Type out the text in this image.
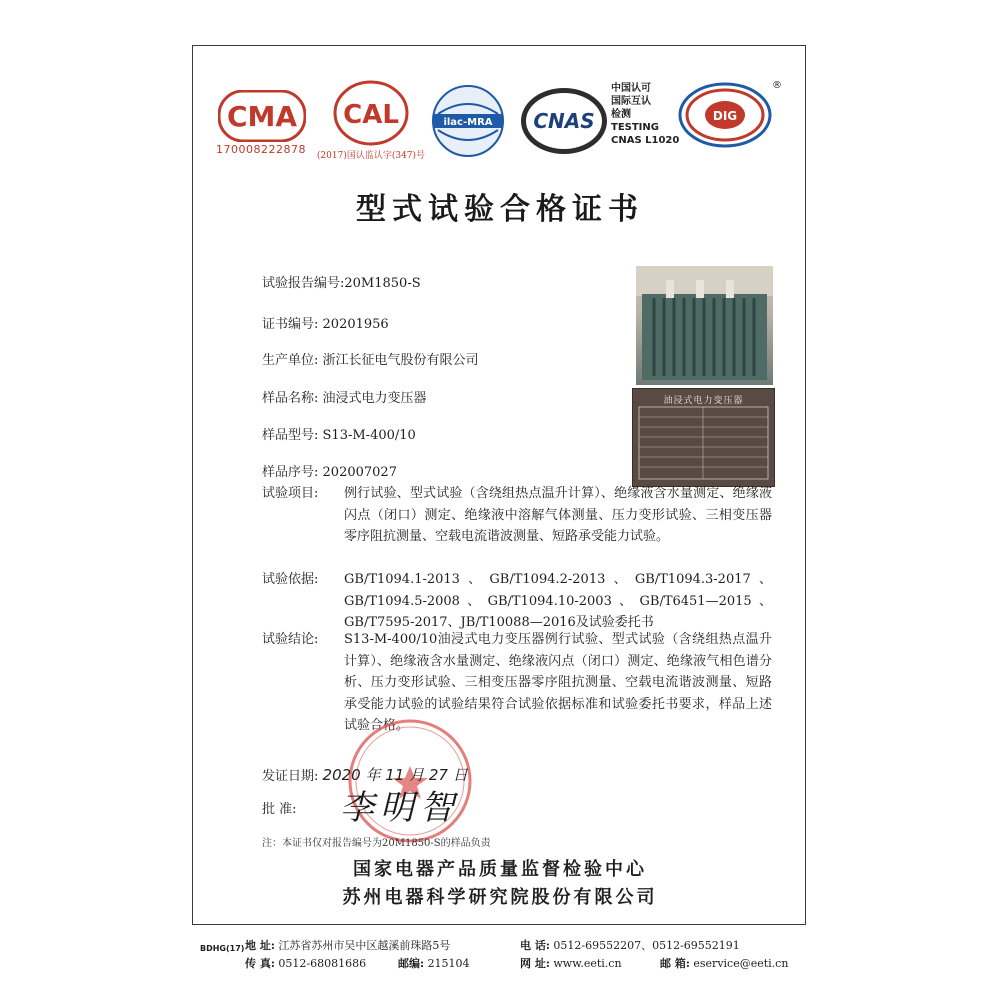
CMA
170008222878
CAL
(2017)国认监认字(347)号
ilac-MRA CNAS
中国认可
国际互认
检测
TESTING
CNAS L1020
DIG
®
型式试验合格证书
油浸式电力变压器
试验报告编号:20M1850-S
证书编号: 20201956
生产单位: 浙江长征电气股份有限公司
样品名称: 油浸式电力变压器
样品型号: S13-M-400/10
样品序号: 202007027
试验项目: 例行试验、型式试验（含绕组热点温升计算）、绝缘液含水量测定、绝缘液闪点（闭口）测定、绝缘液中溶解气体测量、压力变形试验、三相变压器零序阻抗测量、空载电流谐波测量、短路承受能力试验。
试验依据: GB/T1094.1-2013、GB/T1094.2-2013、GB/T1094.3-2017、GB/T1094.5-2008、GB/T1094.10-2003、GB/T6451—2015、GB/T7595-2017、JB/T10088—2016及试验委托书
试验结论: S13-M-400/10油浸式电力变压器例行试验、型式试验（含绕组热点温升计算）、绝缘液含水量测定、绝缘液闪点（闭口）测定、绝缘液气相色谱分析、压力变形试验、三相变压器零序阻抗测量、空载电流谐波测量、短路承受能力试验的试验结果符合试验依据标准和试验委托书要求，样品上述试验合格。
发证日期: 2020 年 11 月 27 日
批 准: 李明智
注：本证书仅对报告编号为20M1850-S的样品负责
国家电器产品质量监督检验中心
苏州电器科学研究院股份有限公司
BDHG(17) 地 址: 江苏省苏州市吴中区越溪前珠路5号	电 话: 0512-69552207、0512-69552191
传 真: 0512-68081686	邮编: 215104	网 址: www.eeti.cn	邮 箱: eservice@eeti.cn
